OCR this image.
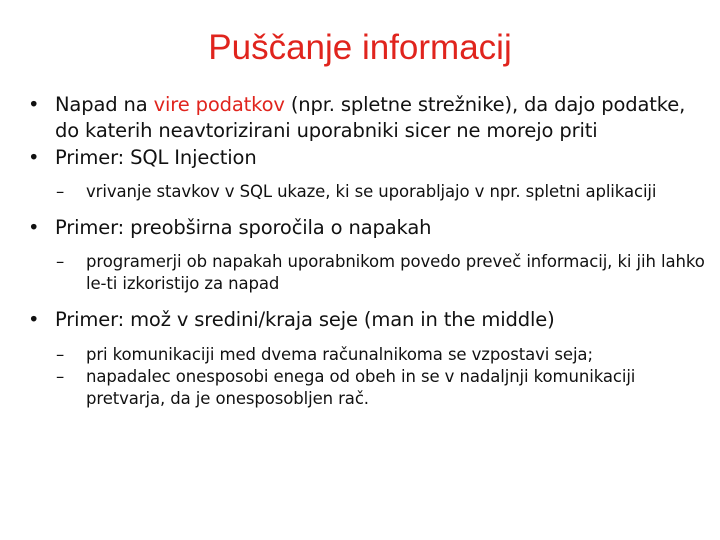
Puščanje informacij
• Napad na vire podatkov (npr. spletne strežnike), da dajo podatke, do katerih neavtorizirani uporabniki sicer ne morejo priti
• Primer: SQL Injection
–	vrivanje stavkov v SQL ukaze, ki se uporabljajo v npr. spletni aplikaciji
• Primer: preobširna sporočila o napakah
–	programerji ob napakah uporabnikom povedo preveč informacij, ki jih lahko le-ti izkoristijo za napad
• Primer: mož v sredini/kraja seje (man in the middle)
–	pri komunikaciji med dvema računalnikoma se vzpostavi seja;
–	napadalec onesposobi enega od obeh in se v nadaljnji komunikaciji pretvarja, da je onesposobljen rač.
